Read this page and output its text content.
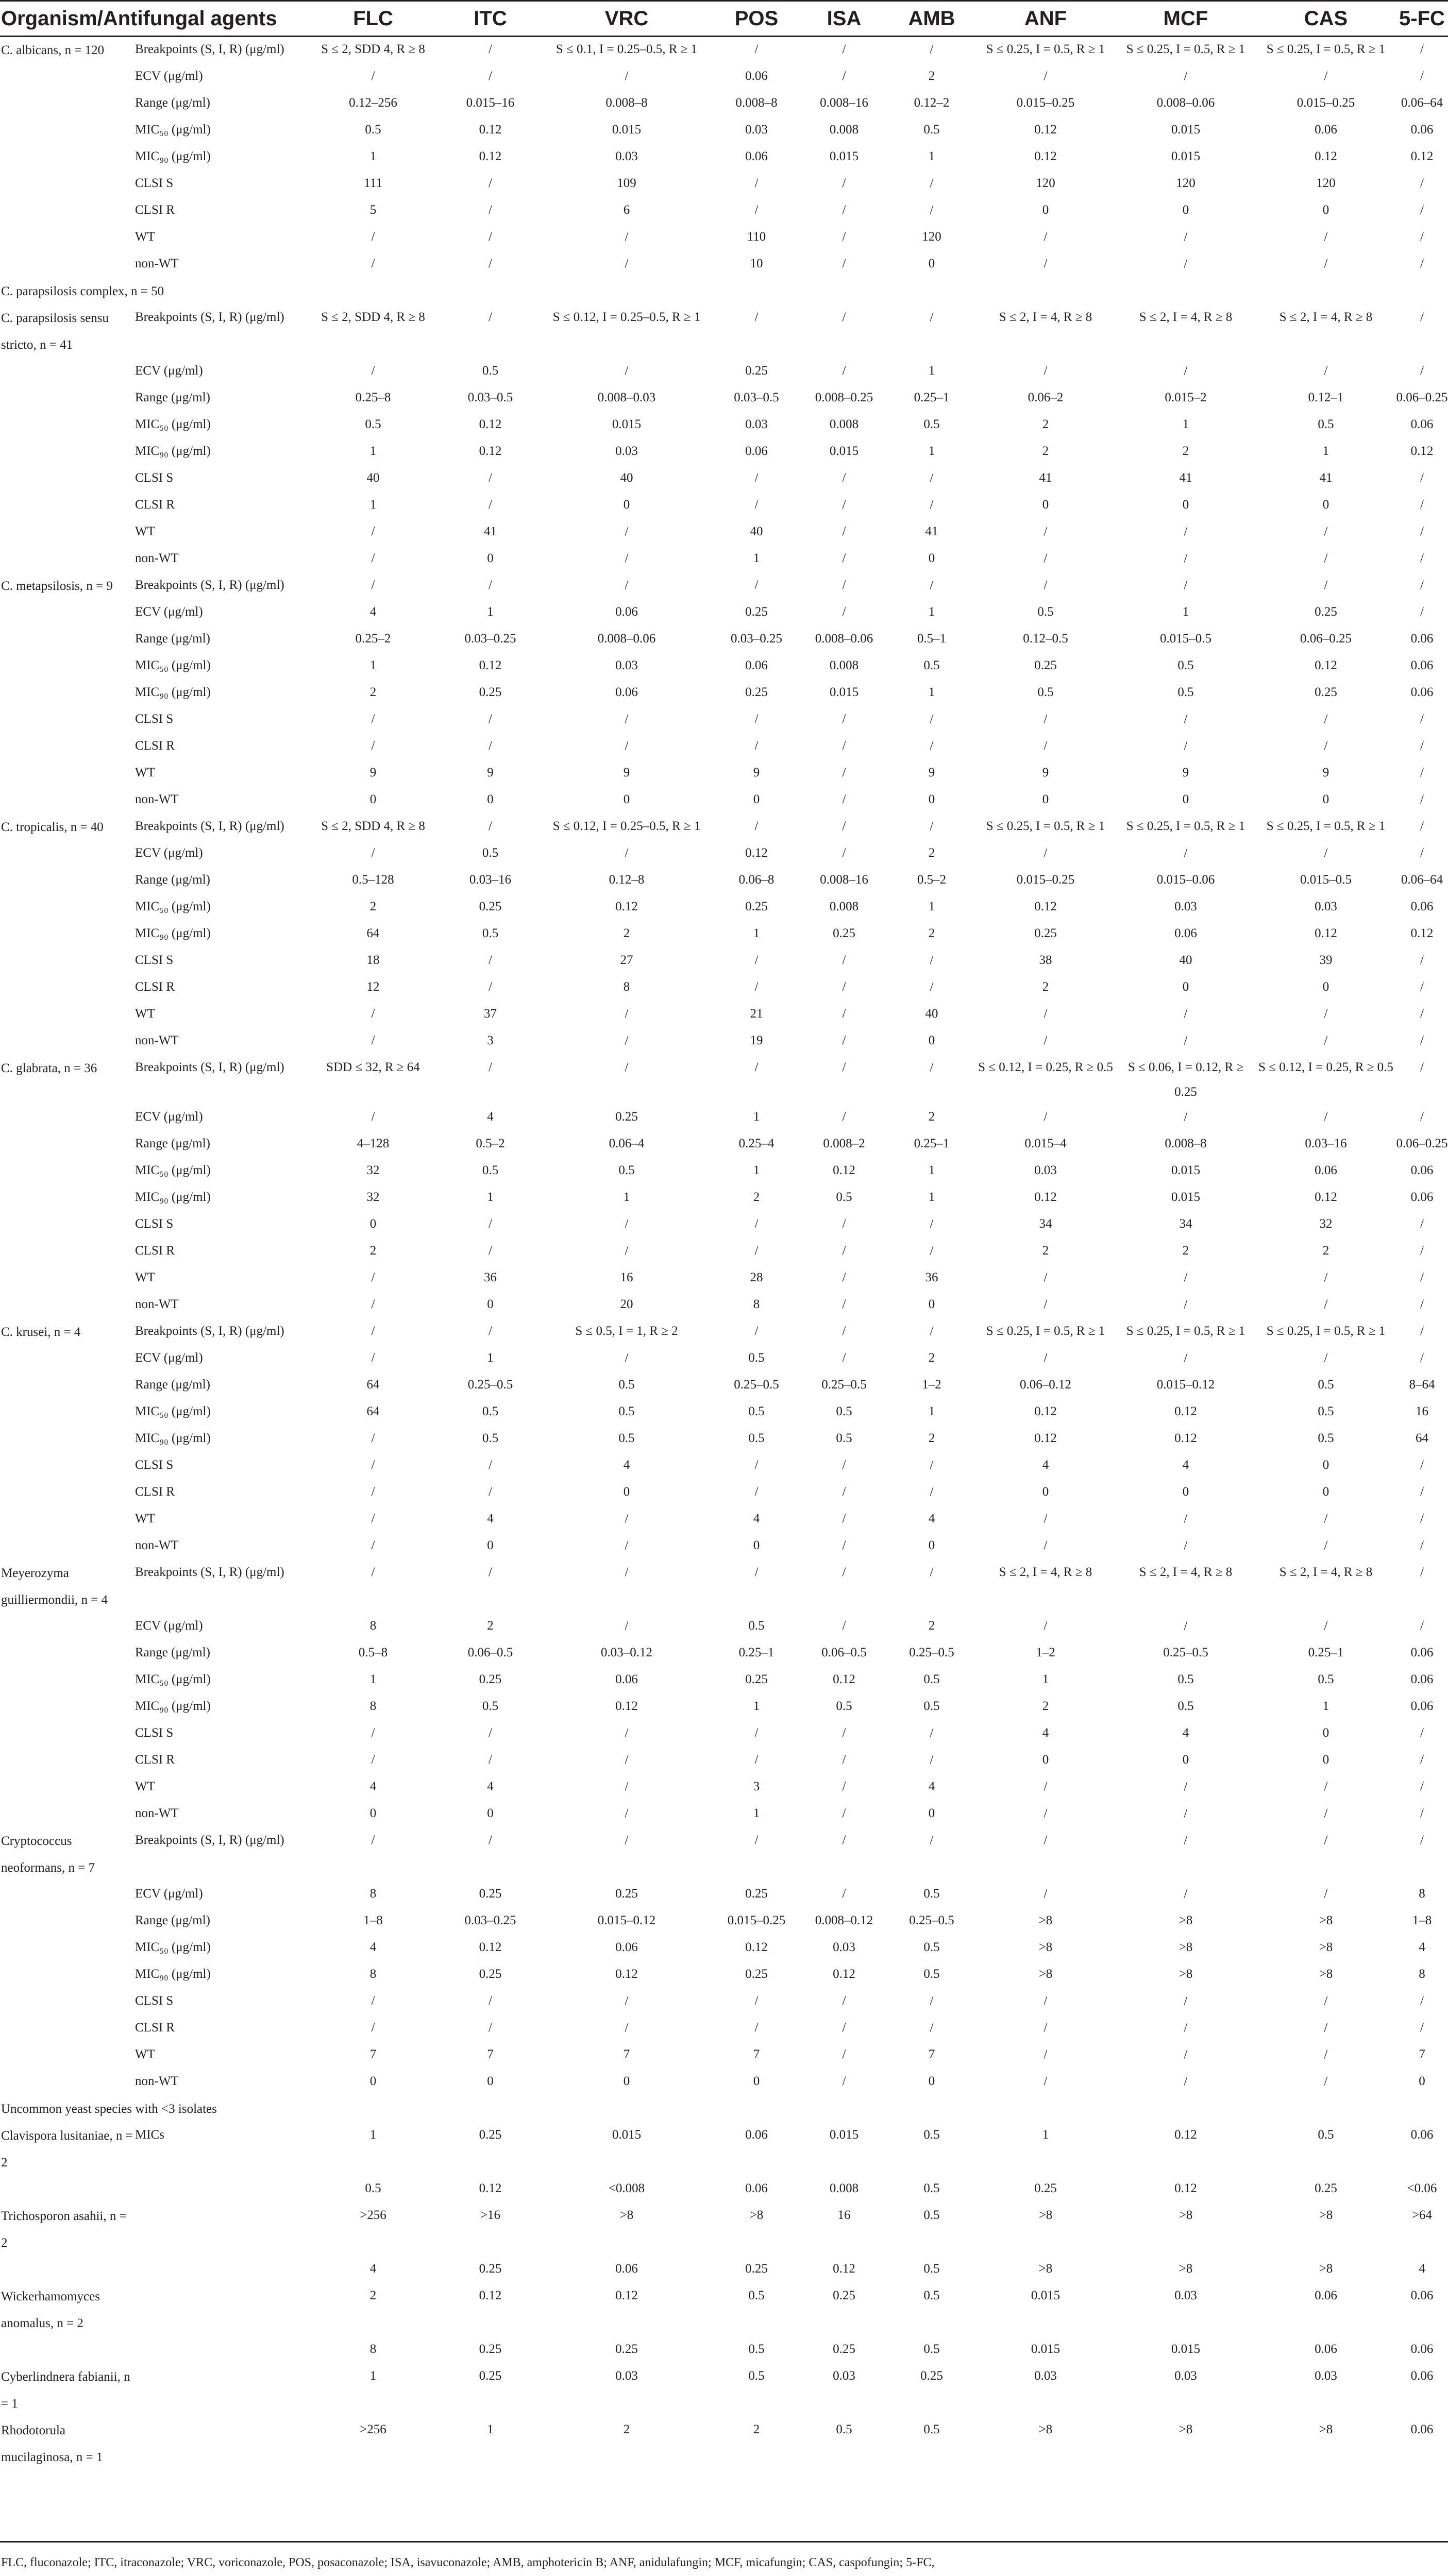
Organism/Antifungal agents		FLC	ITC	VRC	POS	ISA	AMB	ANF	MCF	CAS	5-FC
C. albicans, n = 120	Breakpoints (S, I, R) (μg/ml)	S ≤ 2, SDD 4, R ≥ 8	/	S ≤ 0.1, I = 0.25–0.5, R ≥ 1	/	/	/	S ≤ 0.25, I = 0.5, R ≥ 1	S ≤ 0.25, I = 0.5, R ≥ 1	S ≤ 0.25, I = 0.5, R ≥ 1	/
	ECV (μg/ml)	/	/	/	0.06	/	2	/	/	/	/
	Range (μg/ml)	0.12–256	0.015–16	0.008–8	0.008–8	0.008–16	0.12–2	0.015–0.25	0.008–0.06	0.015–0.25	0.06–64
	MIC₅₀ (μg/ml)	0.5	0.12	0.015	0.03	0.008	0.5	0.12	0.015	0.06	0.06
	MIC₉₀ (μg/ml)	1	0.12	0.03	0.06	0.015	1	0.12	0.015	0.12	0.12
	CLSI S	111	/	109	/	/	/	120	120	120	/
	CLSI R	5	/	6	/	/	/	0	0	0	/
	WT	/	/	/	110	/	120	/	/	/	/
	non-WT	/	/	/	10	/	0	/	/	/	/
C. parapsilosis complex, n = 50											
C. parapsilosis sensu stricto, n = 41	Breakpoints (S, I, R) (μg/ml)	S ≤ 2, SDD 4, R ≥ 8	/	S ≤ 0.12, I = 0.25–0.5, R ≥ 1	/	/	/	S ≤ 2, I = 4, R ≥ 8	S ≤ 2, I = 4, R ≥ 8	S ≤ 2, I = 4, R ≥ 8	/
	ECV (μg/ml)	/	0.5	/	0.25	/	1	/	/	/	/
	Range (μg/ml)	0.25–8	0.03–0.5	0.008–0.03	0.03–0.5	0.008–0.25	0.25–1	0.06–2	0.015–2	0.12–1	0.06–0.25
	MIC₅₀ (μg/ml)	0.5	0.12	0.015	0.03	0.008	0.5	2	1	0.5	0.06
	MIC₉₀ (μg/ml)	1	0.12	0.03	0.06	0.015	1	2	2	1	0.12
	CLSI S	40	/	40	/	/	/	41	41	41	/
	CLSI R	1	/	0	/	/	/	0	0	0	/
	WT	/	41	/	40	/	41	/	/	/	/
	non-WT	/	0	/	1	/	0	/	/	/	/
C. metapsilosis, n = 9	Breakpoints (S, I, R) (μg/ml)	/	/	/	/	/	/	/	/	/	/
	ECV (μg/ml)	4	1	0.06	0.25	/	1	0.5	1	0.25	/
	Range (μg/ml)	0.25–2	0.03–0.25	0.008–0.06	0.03–0.25	0.008–0.06	0.5–1	0.12–0.5	0.015–0.5	0.06–0.25	0.06
	MIC₅₀ (μg/ml)	1	0.12	0.03	0.06	0.008	0.5	0.25	0.5	0.12	0.06
	MIC₉₀ (μg/ml)	2	0.25	0.06	0.25	0.015	1	0.5	0.5	0.25	0.06
	CLSI S	/	/	/	/	/	/	/	/	/	/
	CLSI R	/	/	/	/	/	/	/	/	/	/
	WT	9	9	9	9	/	9	9	9	9	/
	non-WT	0	0	0	0	/	0	0	0	0	/
C. tropicalis, n = 40	Breakpoints (S, I, R) (μg/ml)	S ≤ 2, SDD 4, R ≥ 8	/	S ≤ 0.12, I = 0.25–0.5, R ≥ 1	/	/	/	S ≤ 0.25, I = 0.5, R ≥ 1	S ≤ 0.25, I = 0.5, R ≥ 1	S ≤ 0.25, I = 0.5, R ≥ 1	/
	ECV (μg/ml)	/	0.5	/	0.12	/	2	/	/	/	/
	Range (μg/ml)	0.5–128	0.03–16	0.12–8	0.06–8	0.008–16	0.5–2	0.015–0.25	0.015–0.06	0.015–0.5	0.06–64
	MIC₅₀ (μg/ml)	2	0.25	0.12	0.25	0.008	1	0.12	0.03	0.03	0.06
	MIC₉₀ (μg/ml)	64	0.5	2	1	0.25	2	0.25	0.06	0.12	0.12
	CLSI S	18	/	27	/	/	/	38	40	39	/
	CLSI R	12	/	8	/	/	/	2	0	0	/
	WT	/	37	/	21	/	40	/	/	/	/
	non-WT	/	3	/	19	/	0	/	/	/	/
C. glabrata, n = 36	Breakpoints (S, I, R) (μg/ml)	SDD ≤ 32, R ≥ 64	/	/	/	/	/	S ≤ 0.12, I = 0.25, R ≥ 0.5	S ≤ 0.06, I = 0.12, R ≥ 0.25	S ≤ 0.12, I = 0.25, R ≥ 0.5	/
	ECV (μg/ml)	/	4	0.25	1	/	2	/	/	/	/
	Range (μg/ml)	4–128	0.5–2	0.06–4	0.25–4	0.008–2	0.25–1	0.015–4	0.008–8	0.03–16	0.06–0.25
	MIC₅₀ (μg/ml)	32	0.5	0.5	1	0.12	1	0.03	0.015	0.06	0.06
	MIC₉₀ (μg/ml)	32	1	1	2	0.5	1	0.12	0.015	0.12	0.06
	CLSI S	0	/	/	/	/	/	34	34	32	/
	CLSI R	2	/	/	/	/	/	2	2	2	/
	WT	/	36	16	28	/	36	/	/	/	/
	non-WT	/	0	20	8	/	0	/	/	/	/
C. krusei, n = 4	Breakpoints (S, I, R) (μg/ml)	/	/	S ≤ 0.5, I = 1, R ≥ 2	/	/	/	S ≤ 0.25, I = 0.5, R ≥ 1	S ≤ 0.25, I = 0.5, R ≥ 1	S ≤ 0.25, I = 0.5, R ≥ 1	/
	ECV (μg/ml)	/	1	/	0.5	/	2	/	/	/	/
	Range (μg/ml)	64	0.25–0.5	0.5	0.25–0.5	0.25–0.5	1–2	0.06–0.12	0.015–0.12	0.5	8–64
	MIC₅₀ (μg/ml)	64	0.5	0.5	0.5	0.5	1	0.12	0.12	0.5	16
	MIC₉₀ (μg/ml)	/	0.5	0.5	0.5	0.5	2	0.12	0.12	0.5	64
	CLSI S	/	/	4	/	/	/	4	4	0	/
	CLSI R	/	/	0	/	/	/	0	0	0	/
	WT	/	4	/	4	/	4	/	/	/	/
	non-WT	/	0	/	0	/	0	/	/	/	/
Meyerozyma guilliermondii, n = 4	Breakpoints (S, I, R) (μg/ml)	/	/	/	/	/	/	S ≤ 2, I = 4, R ≥ 8	S ≤ 2, I = 4, R ≥ 8	S ≤ 2, I = 4, R ≥ 8	/
	ECV (μg/ml)	8	2	/	0.5	/	2	/	/	/	/
	Range (μg/ml)	0.5–8	0.06–0.5	0.03–0.12	0.25–1	0.06–0.5	0.25–0.5	1–2	0.25–0.5	0.25–1	0.06
	MIC₅₀ (μg/ml)	1	0.25	0.06	0.25	0.12	0.5	1	0.5	0.5	0.06
	MIC₉₀ (μg/ml)	8	0.5	0.12	1	0.5	0.5	2	0.5	1	0.06
	CLSI S	/	/	/	/	/	/	4	4	0	/
	CLSI R	/	/	/	/	/	/	0	0	0	/
	WT	4	4	/	3	/	4	/	/	/	/
	non-WT	0	0	/	1	/	0	/	/	/	/
Cryptococcus neoformans, n = 7	Breakpoints (S, I, R) (μg/ml)	/	/	/	/	/	/	/	/	/	/
	ECV (μg/ml)	8	0.25	0.25	0.25	/	0.5	/	/	/	8
	Range (μg/ml)	1–8	0.03–0.25	0.015–0.12	0.015–0.25	0.008–0.12	0.25–0.5	>8	>8	>8	1–8
	MIC₅₀ (μg/ml)	4	0.12	0.06	0.12	0.03	0.5	>8	>8	>8	4
	MIC₉₀ (μg/ml)	8	0.25	0.12	0.25	0.12	0.5	>8	>8	>8	8
	CLSI S	/	/	/	/	/	/	/	/	/	/
	CLSI R	/	/	/	/	/	/	/	/	/	/
	WT	7	7	7	7	/	7	/	/	/	7
	non-WT	0	0	0	0	/	0	/	/	/	0
Uncommon yeast species with <3 isolates											
Clavispora lusitaniae, n = 2	MICs	1	0.25	0.015	0.06	0.015	0.5	1	0.12	0.5	0.06
		0.5	0.12	<0.008	0.06	0.008	0.5	0.25	0.12	0.25	<0.06
Trichosporon asahii, n = 2		>256	>16	>8	>8	16	0.5	>8	>8	>8	>64
		4	0.25	0.06	0.25	0.12	0.5	>8	>8	>8	4
Wickerhamomyces anomalus, n = 2		2	0.12	0.12	0.5	0.25	0.5	0.015	0.03	0.06	0.06
		8	0.25	0.25	0.5	0.25	0.5	0.015	0.015	0.06	0.06
Cyberlindnera fabianii, n = 1		1	0.25	0.03	0.5	0.03	0.25	0.03	0.03	0.03	0.06
Rhodotorula mucilaginosa, n = 1		>256	1	2	2	0.5	0.5	>8	>8	>8	0.06

FLC, fluconazole; ITC, itraconazole; VRC, voriconazole, POS, posaconazole; ISA, isavuconazole; AMB, amphotericin B; ANF, anidulafungin; MCF, micafungin; CAS, caspofungin; 5-FC,
